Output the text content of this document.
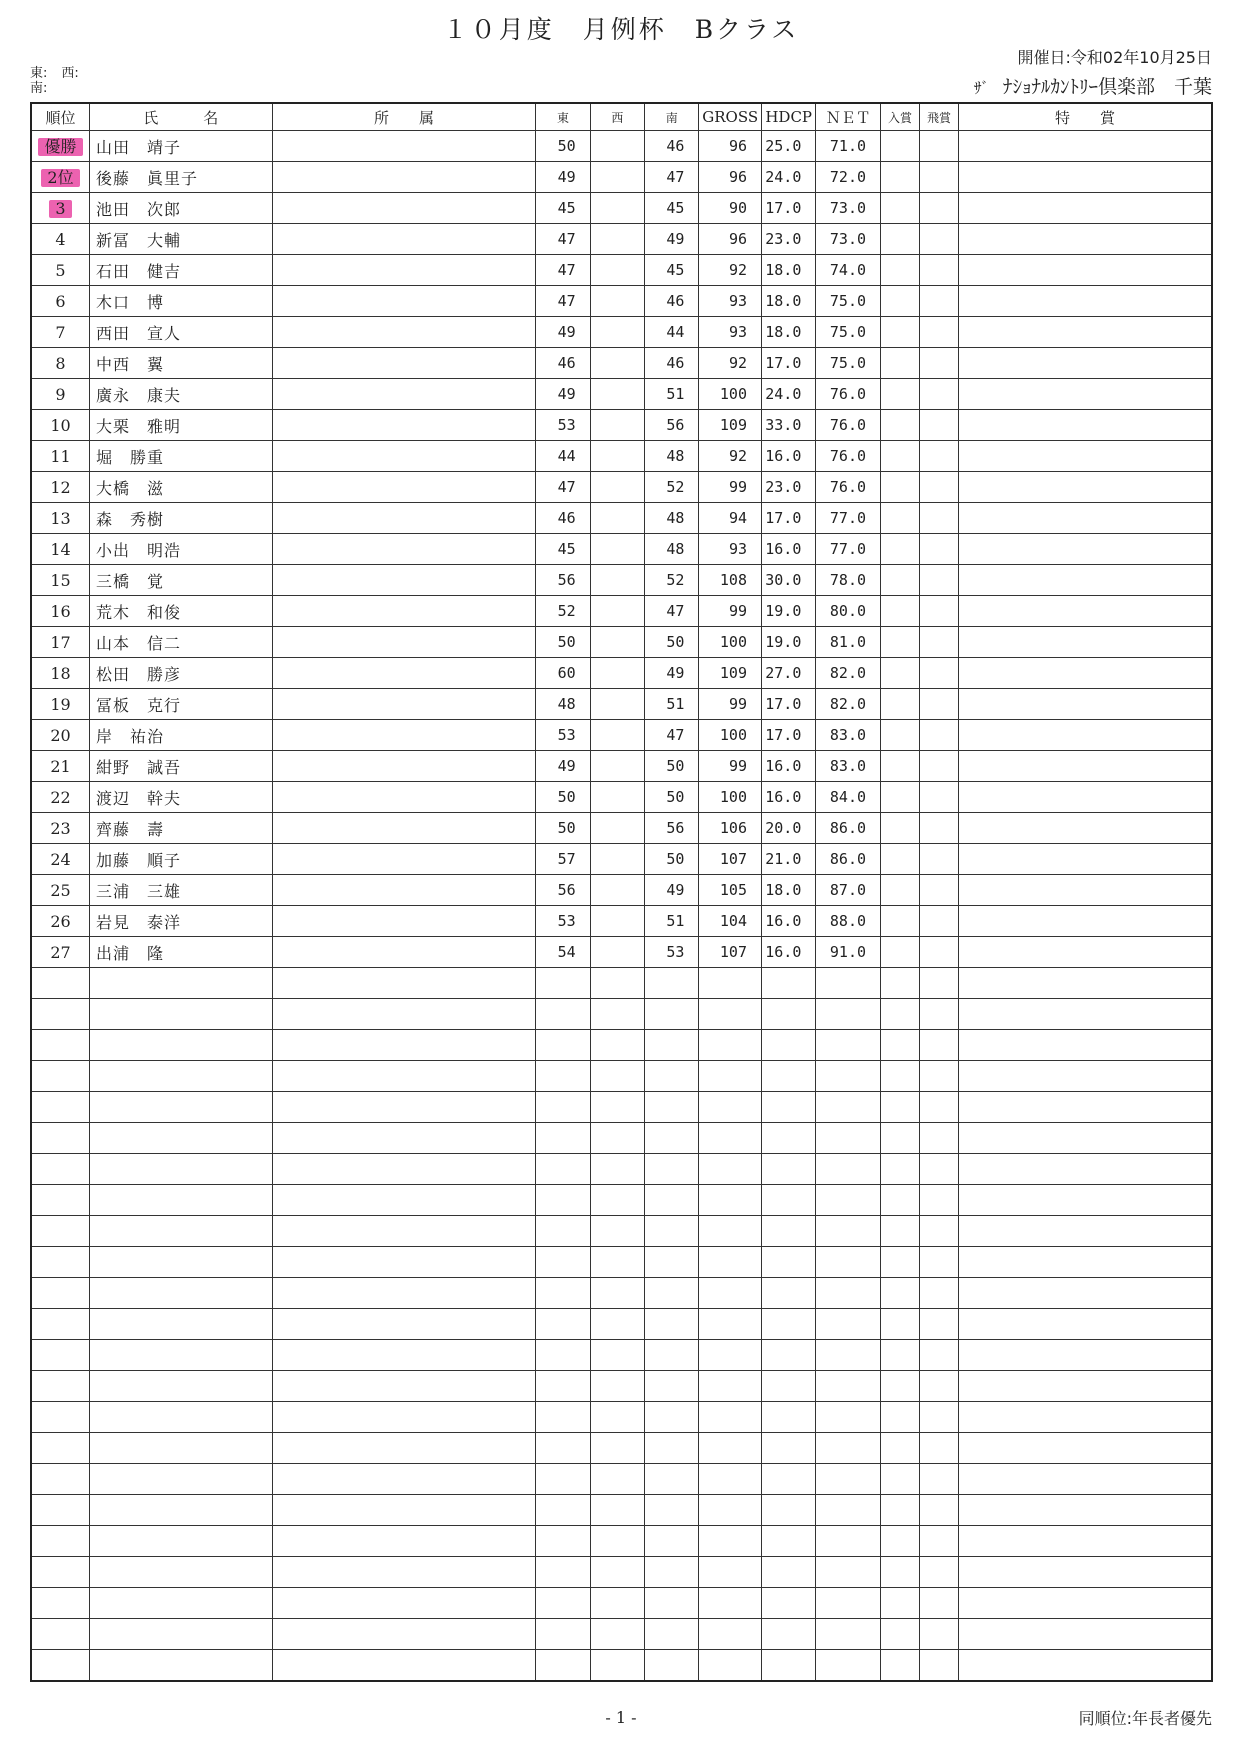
１０月度　月例杯　Bクラス
開催日:令和02年10月25日
ｻﾞ ﾅｼｮﾅﾙｶﾝﾄﾘｰ倶楽部　千葉
東: 西:
南:
順位	氏　　　名	所　　属	東	西	南	GROSS	HDCP	ＮＥＴ	入賞	飛賞	特　　賞
優勝	山田　靖子		50		46	96	25.0	71.0			
2位	後藤　眞里子		49		47	96	24.0	72.0			
3	池田　次郎		45		45	90	17.0	73.0			
4	新冨　大輔		47		49	96	23.0	73.0			
5	石田　健吉		47		45	92	18.0	74.0			
6	木口　博		47		46	93	18.0	75.0			
7	西田　宣人		49		44	93	18.0	75.0			
8	中西　翼		46		46	92	17.0	75.0			
9	廣永　康夫		49		51	100	24.0	76.0			
10	大栗　雅明		53		56	109	33.0	76.0			
11	堀　勝重		44		48	92	16.0	76.0			
12	大橋　滋		47		52	99	23.0	76.0			
13	森　秀樹		46		48	94	17.0	77.0			
14	小出　明浩		45		48	93	16.0	77.0			
15	三橋　覚		56		52	108	30.0	78.0			
16	荒木　和俊		52		47	99	19.0	80.0			
17	山本　信二		50		50	100	19.0	81.0			
18	松田　勝彦		60		49	109	27.0	82.0			
19	冨板　克行		48		51	99	17.0	82.0			
20	岸　祐治		53		47	100	17.0	83.0			
21	紺野　誠吾		49		50	99	16.0	83.0			
22	渡辺　幹夫		50		50	100	16.0	84.0			
23	齊藤　壽		50		56	106	20.0	86.0			
24	加藤　順子		57		50	107	21.0	86.0			
25	三浦　三雄		56		49	105	18.0	87.0			
26	岩見　泰洋		53		51	104	16.0	88.0			
27	出浦　隆		54		53	107	16.0	91.0			

- 1 -	同順位:年長者優先
